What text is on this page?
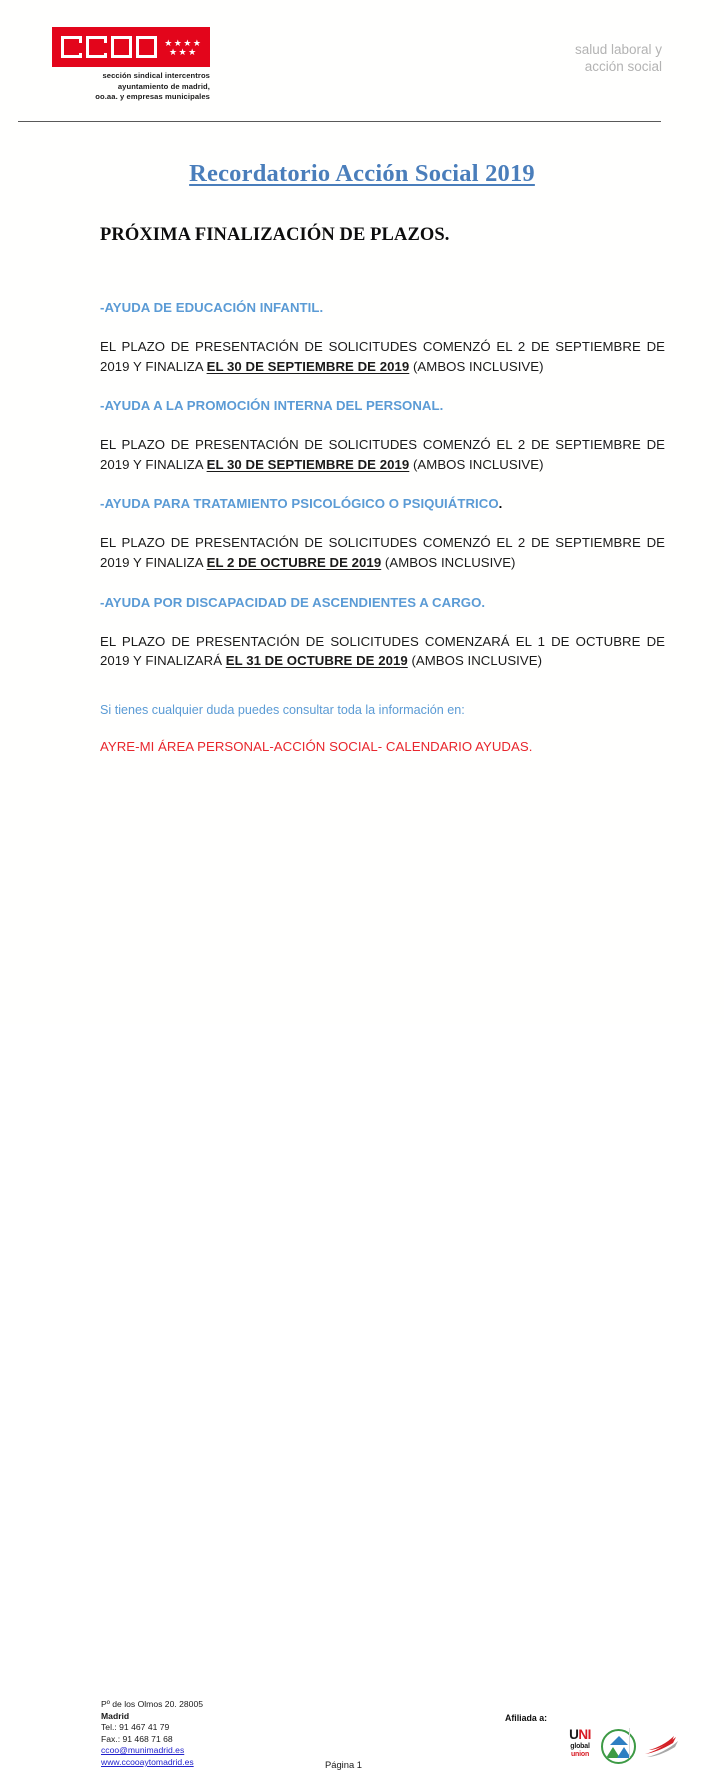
★ ★ ★ ★
★ ★ ★
sección sindical intercentros
ayuntamiento de madrid,
oo.aa. y empresas municipales
salud laboral y
acción social
Recordatorio Acción Social 2019
PRÓXIMA FINALIZACIÓN DE PLAZOS.

-AYUDA DE EDUCACIÓN INFANTIL.

EL PLAZO DE PRESENTACIÓN DE SOLICITUDES COMENZÓ EL 2 DE SEPTIEMBRE DE 2019 Y FINALIZA EL 30 DE SEPTIEMBRE DE 2019 (AMBOS INCLUSIVE)

-AYUDA A LA PROMOCIÓN INTERNA DEL PERSONAL.

EL PLAZO DE PRESENTACIÓN DE SOLICITUDES COMENZÓ EL 2 DE SEPTIEMBRE DE 2019 Y FINALIZA EL 30 DE SEPTIEMBRE DE 2019 (AMBOS INCLUSIVE)

-AYUDA PARA TRATAMIENTO PSICOLÓGICO O PSIQUIÁTRICO.

EL PLAZO DE PRESENTACIÓN DE SOLICITUDES COMENZÓ EL 2 DE SEPTIEMBRE DE 2019 Y FINALIZA EL 2 DE OCTUBRE DE 2019 (AMBOS INCLUSIVE)

-AYUDA POR DISCAPACIDAD DE ASCENDIENTES A CARGO.

EL PLAZO DE PRESENTACIÓN DE SOLICITUDES COMENZARÁ EL 1 DE OCTUBRE DE 2019 Y FINALIZARÁ EL 31 DE OCTUBRE DE 2019 (AMBOS INCLUSIVE)

Si tienes cualquier duda puedes consultar toda la información en:

AYRE-MI ÁREA PERSONAL-ACCIÓN SOCIAL- CALENDARIO AYUDAS.

Pº de los Olmos 20. 28005
Madrid
Tel.: 91 467 41 79
Fax.: 91 468 71 68
ccoo@munimadrid.es
www.ccooaytomadrid.es	Página 1
Afiliada a:
UNI
global
union
